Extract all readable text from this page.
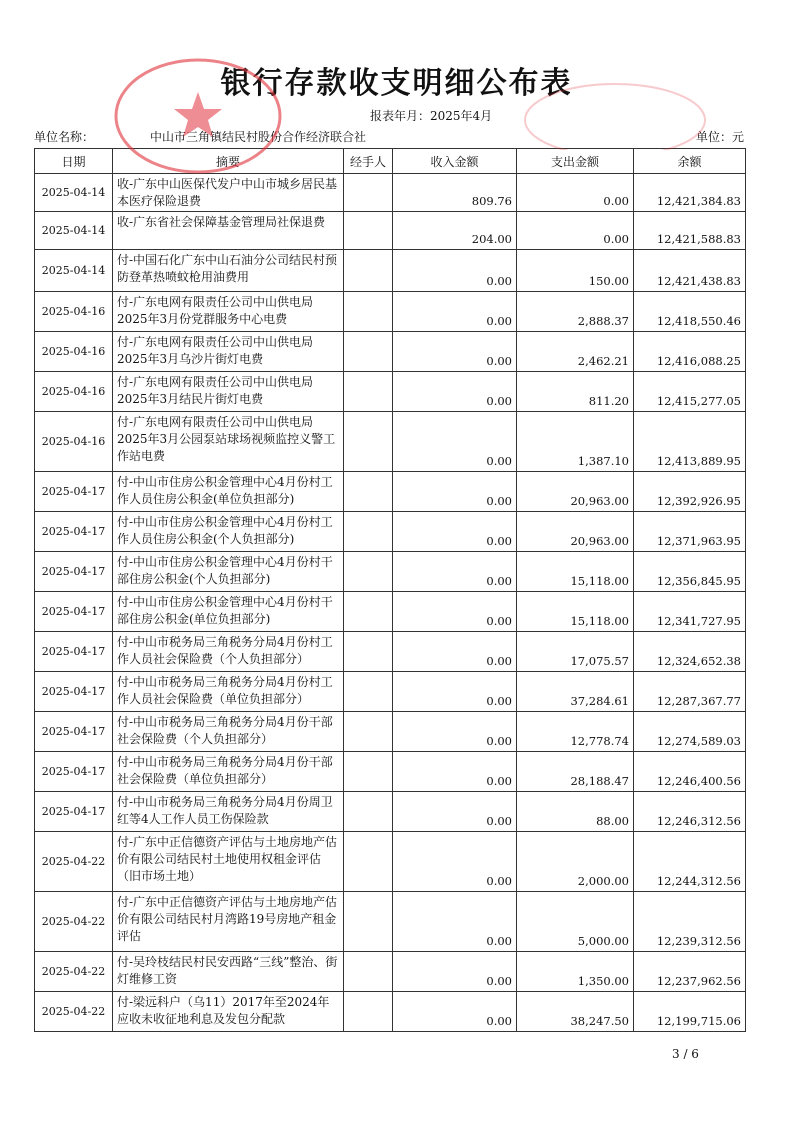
银行存款收支明细公布表
报表年月：2025年4月
单位名称：	中山市三角镇结民村股份合作经济联合社	单位：元
日期	摘要	经手人	收入金额	支出金额	余额
2025-04-14	收-广东中山医保代发户中山市城乡居民基本医疗保险退费		809.76	0.00	12,421,384.83
2025-04-14	收-广东省社会保障基金管理局社保退费		204.00	0.00	12,421,588.83
2025-04-14	付-中国石化广东中山石油分公司结民村预防登革热喷蚊枪用油费用		0.00	150.00	12,421,438.83
2025-04-16	付-广东电网有限责任公司中山供电局2025年3月份党群服务中心电费		0.00	2,888.37	12,418,550.46
2025-04-16	付-广东电网有限责任公司中山供电局2025年3月乌沙片街灯电费		0.00	2,462.21	12,416,088.25
2025-04-16	付-广东电网有限责任公司中山供电局2025年3月结民片街灯电费		0.00	811.20	12,415,277.05
2025-04-16	付-广东电网有限责任公司中山供电局2025年3月公园泵站球场视频监控义警工作站电费		0.00	1,387.10	12,413,889.95
2025-04-17	付-中山市住房公积金管理中心4月份村工作人员住房公积金(单位负担部分)		0.00	20,963.00	12,392,926.95
2025-04-17	付-中山市住房公积金管理中心4月份村工作人员住房公积金(个人负担部分)		0.00	20,963.00	12,371,963.95
2025-04-17	付-中山市住房公积金管理中心4月份村干部住房公积金(个人负担部分)		0.00	15,118.00	12,356,845.95
2025-04-17	付-中山市住房公积金管理中心4月份村干部住房公积金(单位负担部分)		0.00	15,118.00	12,341,727.95
2025-04-17	付-中山市税务局三角税务分局4月份村工作人员社会保险费（个人负担部分）		0.00	17,075.57	12,324,652.38
2025-04-17	付-中山市税务局三角税务分局4月份村工作人员社会保险费（单位负担部分）		0.00	37,284.61	12,287,367.77
2025-04-17	付-中山市税务局三角税务分局4月份干部社会保险费（个人负担部分）		0.00	12,778.74	12,274,589.03
2025-04-17	付-中山市税务局三角税务分局4月份干部社会保险费（单位负担部分）		0.00	28,188.47	12,246,400.56
2025-04-17	付-中山市税务局三角税务分局4月份周卫红等4人工作人员工伤保险款		0.00	88.00	12,246,312.56
2025-04-22	付-广东中正信德资产评估与土地房地产估价有限公司结民村土地使用权租金评估（旧市场土地）		0.00	2,000.00	12,244,312.56
2025-04-22	付-广东中正信德资产评估与土地房地产估价有限公司结民村月湾路19号房地产租金评估		0.00	5,000.00	12,239,312.56
2025-04-22	付-吴玲枝结民村民安西路“三线”整治、街灯维修工资		0.00	1,350.00	12,237,962.56
2025-04-22	付-梁远科户（乌11）2017年至2024年应收未收征地利息及发包分配款		0.00	38,247.50	12,199,715.06
3 / 6
